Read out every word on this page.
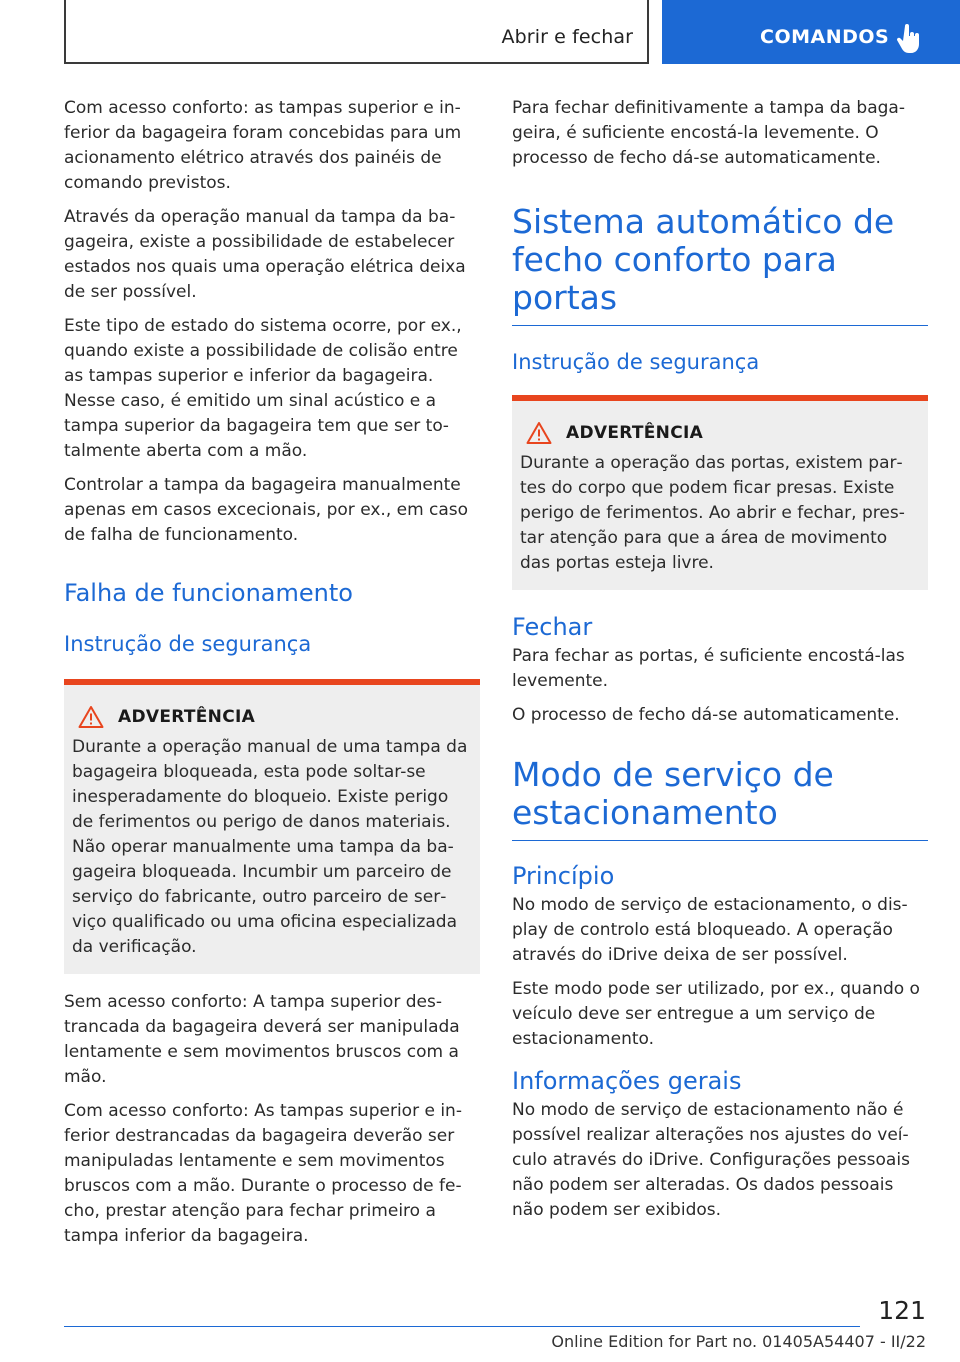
Abrir e fechar	COMANDOS

Com acesso conforto: as tampas superior e inferior da bagageira foram concebidas para um acionamento elétrico através dos painéis de comando previstos.

Através da operação manual da tampa da bagageira, existe a possibilidade de estabelecer estados nos quais uma operação elétrica deixa de ser possível.

Este tipo de estado do sistema ocorre, por ex., quando existe a possibilidade de colisão entre as tampas superior e inferior da bagageira. Nesse caso, é emitido um sinal acústico e a tampa superior da bagageira tem que ser totalmente aberta com a mão.

Controlar a tampa da bagageira manualmente apenas em casos excecionais, por ex., em caso de falha de funcionamento.

Falha de funcionamento
Instrução de segurança
ADVERTÊNCIA

Durante a operação manual de uma tampa da bagageira bloqueada, esta pode soltar-se inesperadamente do bloqueio. Existe perigo de ferimentos ou perigo de danos materiais. Não operar manualmente uma tampa da bagageira bloqueada. Incumbir um parceiro de serviço do fabricante, outro parceiro de serviço qualificado ou uma oficina especializada da verificação.

Sem acesso conforto: A tampa superior destrancada da bagageira deverá ser manipulada lentamente e sem movimentos bruscos com a mão.

Com acesso conforto: As tampas superior e inferior destrancadas da bagageira deverão ser manipuladas lentamente e sem movimentos bruscos com a mão. Durante o processo de fecho, prestar atenção para fechar primeiro a tampa inferior da bagageira.

Para fechar definitivamente a tampa da bagageira, é suficiente encostá-la levemente. O processo de fecho dá-se automaticamente.

Sistema automático de fecho conforto para portas
Instrução de segurança
ADVERTÊNCIA

Durante a operação das portas, existem partes do corpo que podem ficar presas. Existe perigo de ferimentos. Ao abrir e fechar, prestar atenção para que a área de movimento das portas esteja livre.

Fechar

Para fechar as portas, é suficiente encostá-las levemente.

O processo de fecho dá-se automaticamente.

Modo de serviço de estacionamento
Princípio

No modo de serviço de estacionamento, o display de controlo está bloqueado. A operação através do iDrive deixa de ser possível.

Este modo pode ser utilizado, por ex., quando o veículo deve ser entregue a um serviço de estacionamento.

Informações gerais

No modo de serviço de estacionamento não é possível realizar alterações nos ajustes do veículo através do iDrive. Configurações pessoais não podem ser alteradas. Os dados pessoais não podem ser exibidos.

121
Online Edition for Part no. 01405A54407 - II/22
